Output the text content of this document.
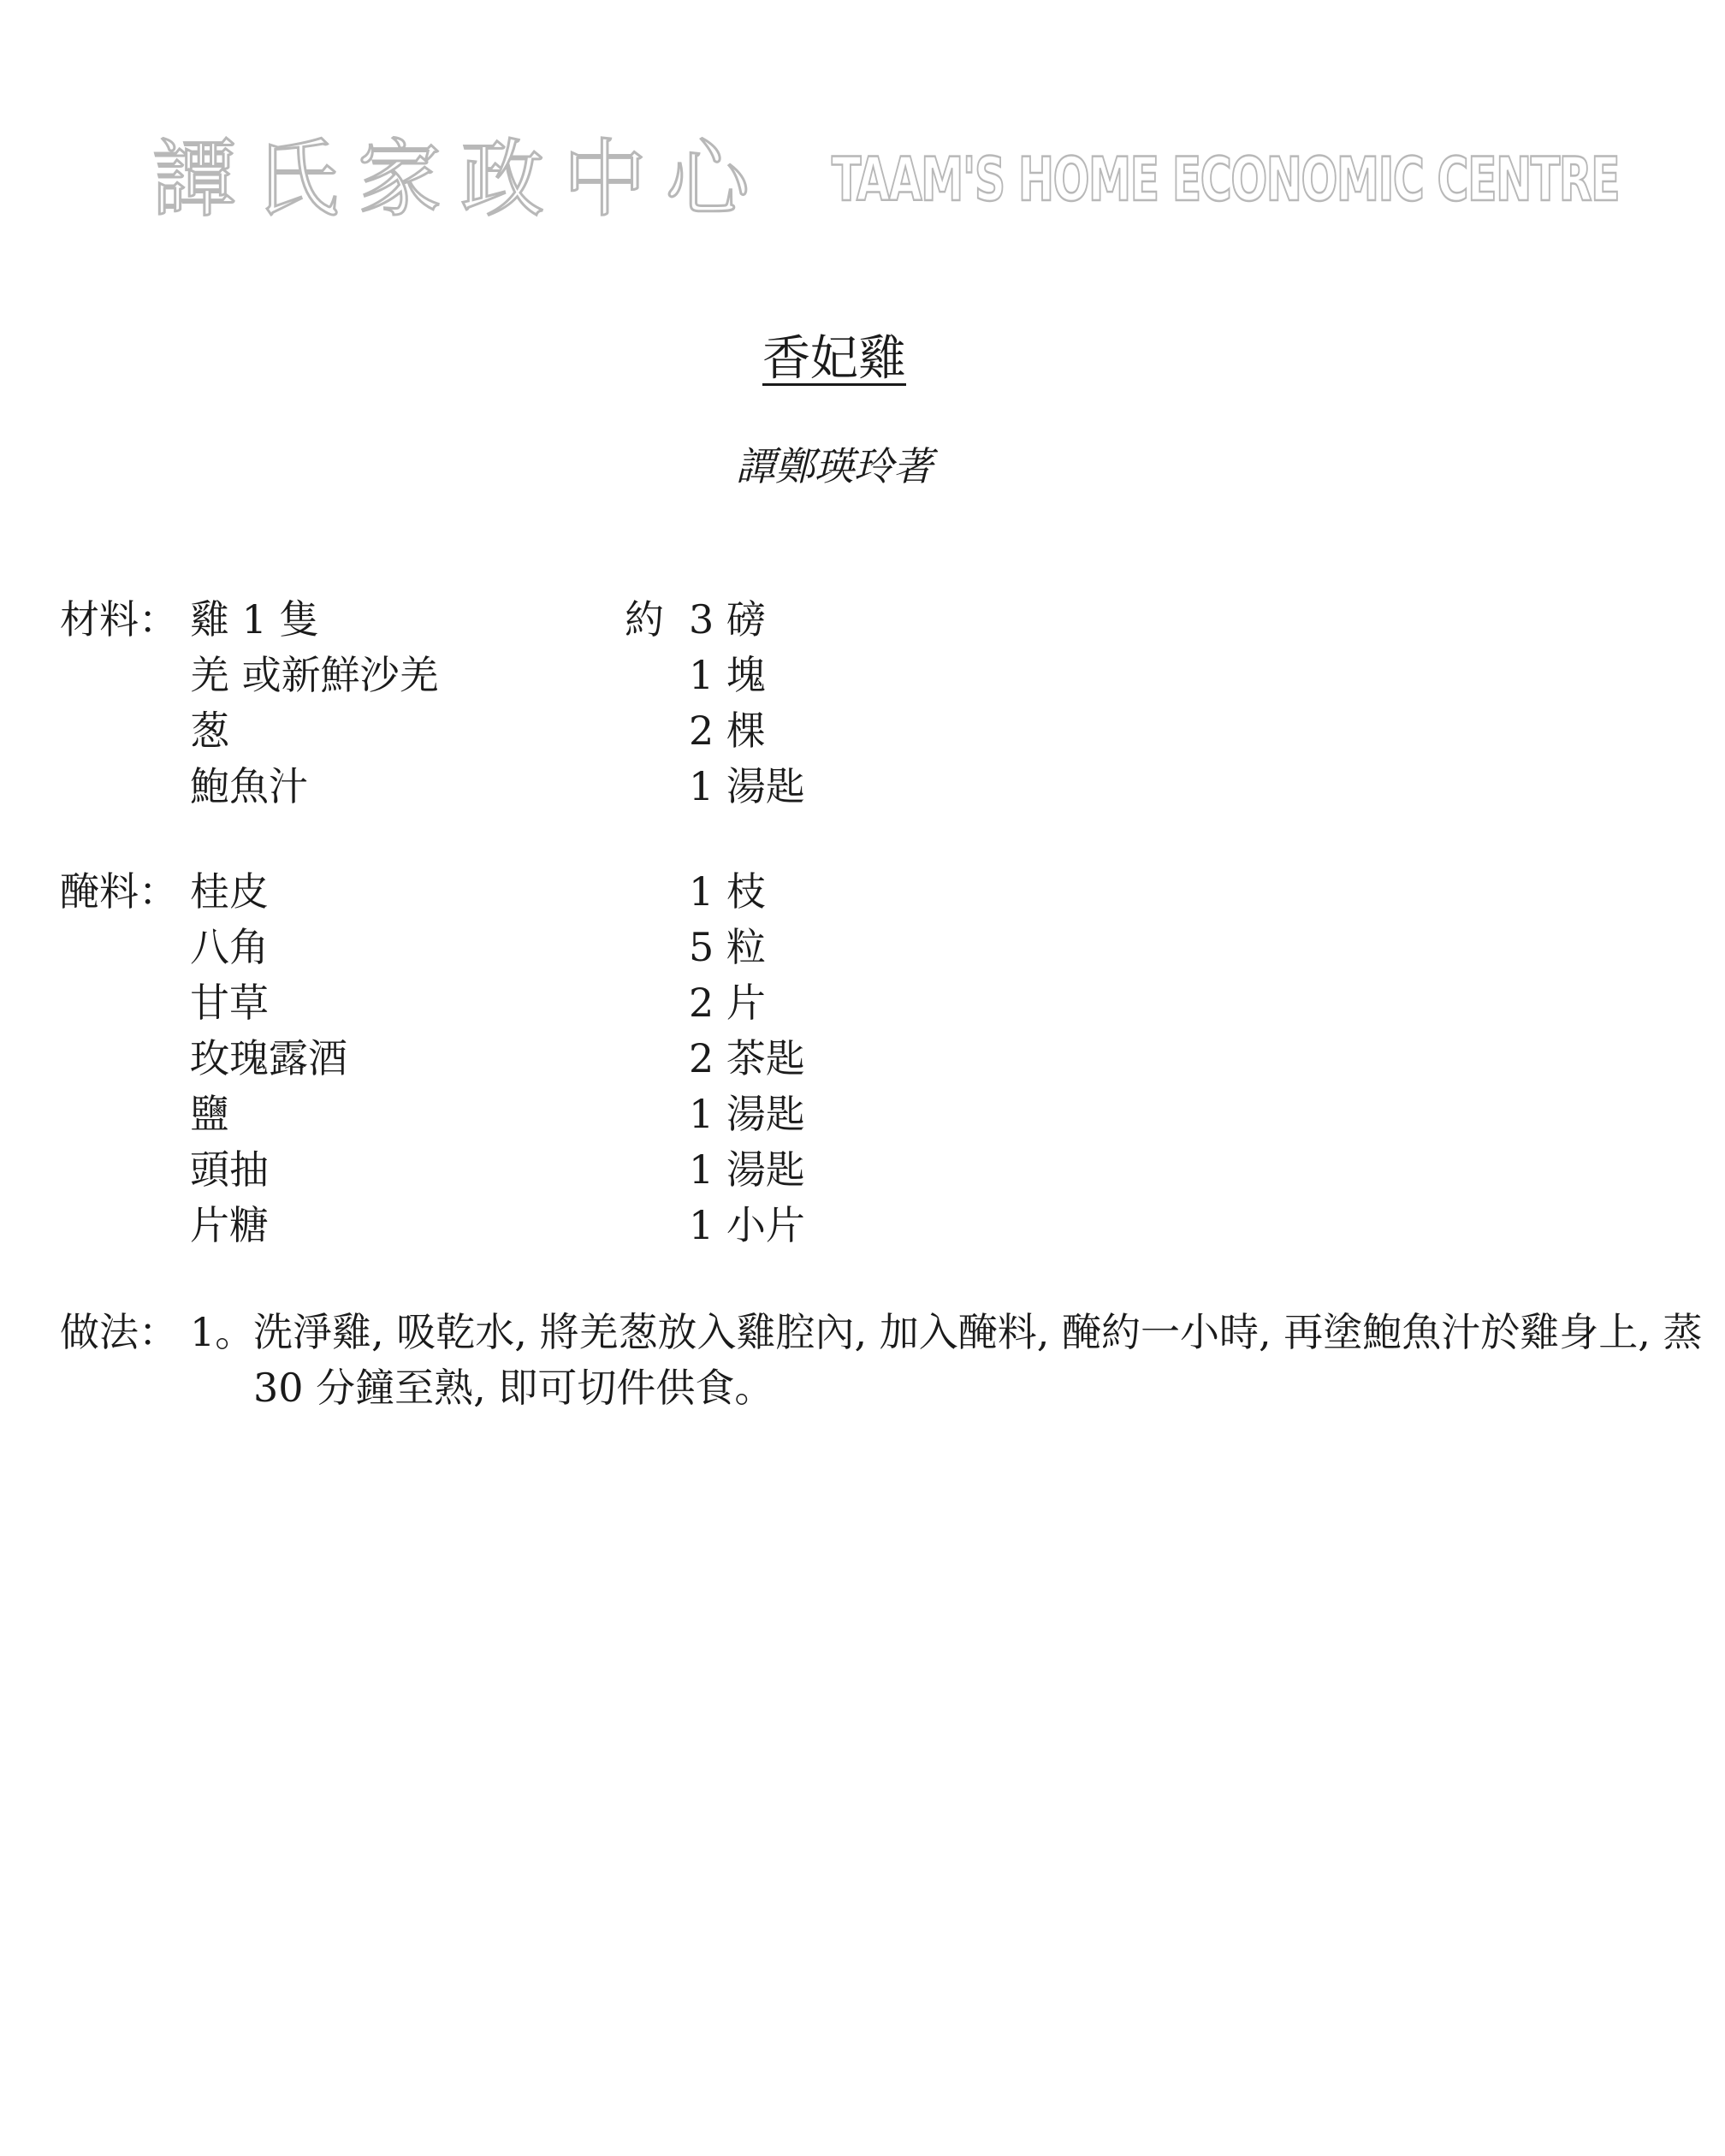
譚氏家政中心 TAAM'S HOME ECONOMIC CENTRE
香妃雞
譚鄭瑛玲著
材料： 雞 1 隻	約 3 磅
羌 或新鮮沙羌	1 塊
葱	2 棵
鮑魚汁	1 湯匙
醃料： 桂皮	1 枝
八角	5 粒
甘草	2 片
玫瑰露酒	2 茶匙
鹽	1 湯匙
頭抽	1 湯匙
片糖	1 小片
做法： 1。
洗淨雞, 吸乾水, 將羌葱放入雞腔內, 加入醃料, 醃約一小時, 再塗鮑魚汁於雞身上, 蒸 30 分鐘至熟, 即可切件供食。
